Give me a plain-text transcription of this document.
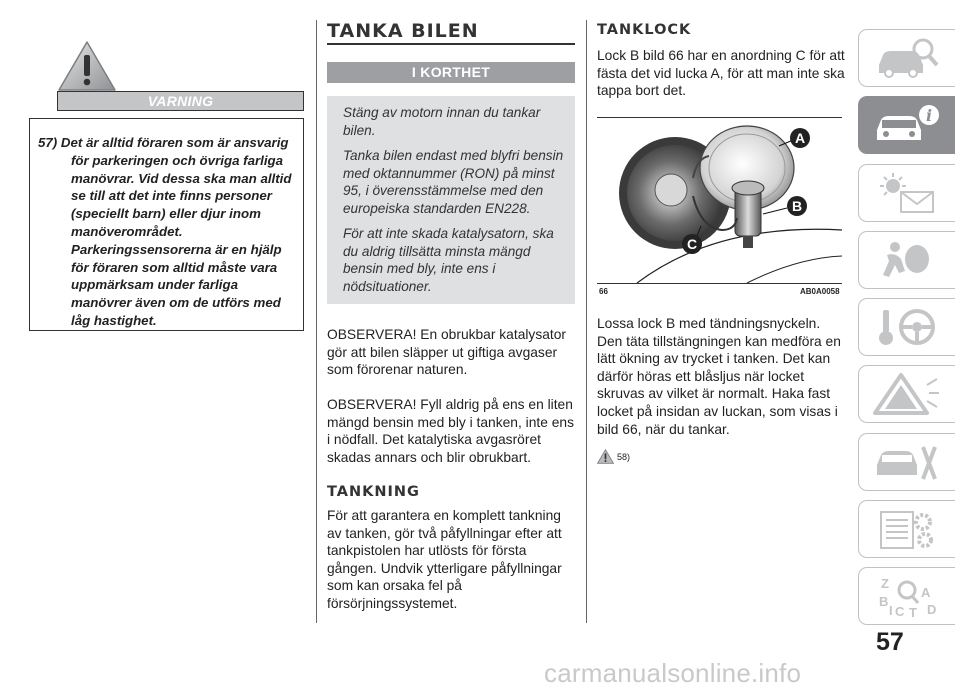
VARNING

57) Det är alltid föraren som är ansvarig för parkeringen och övriga farliga manövrar. Vid dessa ska man alltid se till att det inte finns personer (speciellt barn) eller djur inom manöverområdet. Parkeringssensorerna är en hjälp för föraren som alltid måste vara uppmärksam under farliga manövrer även om de utförs med låg hastighet.

TANKA BILEN
I KORTHET

Stäng av motorn innan du tankar bilen.

Tanka bilen endast med blyfri bensin med oktannummer (RON) på minst 95, i överensstämmelse med den europeiska standarden EN228.

För att inte skada katalysatorn, ska du aldrig tillsätta minsta mängd bensin med bly, inte ens i nödsituationer.

OBSERVERA! En obrukbar katalysator gör att bilen släpper ut giftiga avgaser som förorenar naturen.

OBSERVERA! Fyll aldrig på ens en liten mängd bensin med bly i tanken, inte ens i nödfall. Det katalytiska avgasröret skadas annars och blir obrukbart.

TANKNING

För att garantera en komplett tankning av tanken, gör två påfyllningar efter att tankpistolen har utlösts för första gången. Undvik ytterligare påfyllningar som kan orsaka fel på försörjningssystemet.

TANKLOCK

Lock B bild 66 har en anordning C för att fästa det vid lucka A, för att man inte ska tappa bort det.

A
B
C
66	AB0A0058

Lossa lock B med tändningsnyckeln. Den täta tillstängningen kan medföra en lätt ökning av trycket i tanken. Det kan därför höras ett blåsljus när locket skruvas av vilket är normalt. Haka fast locket på insidan av luckan, som visas i bild 66, när du tankar.

58)
i
Z
A
B
C D
T
I
57
carmanualsonline.info
